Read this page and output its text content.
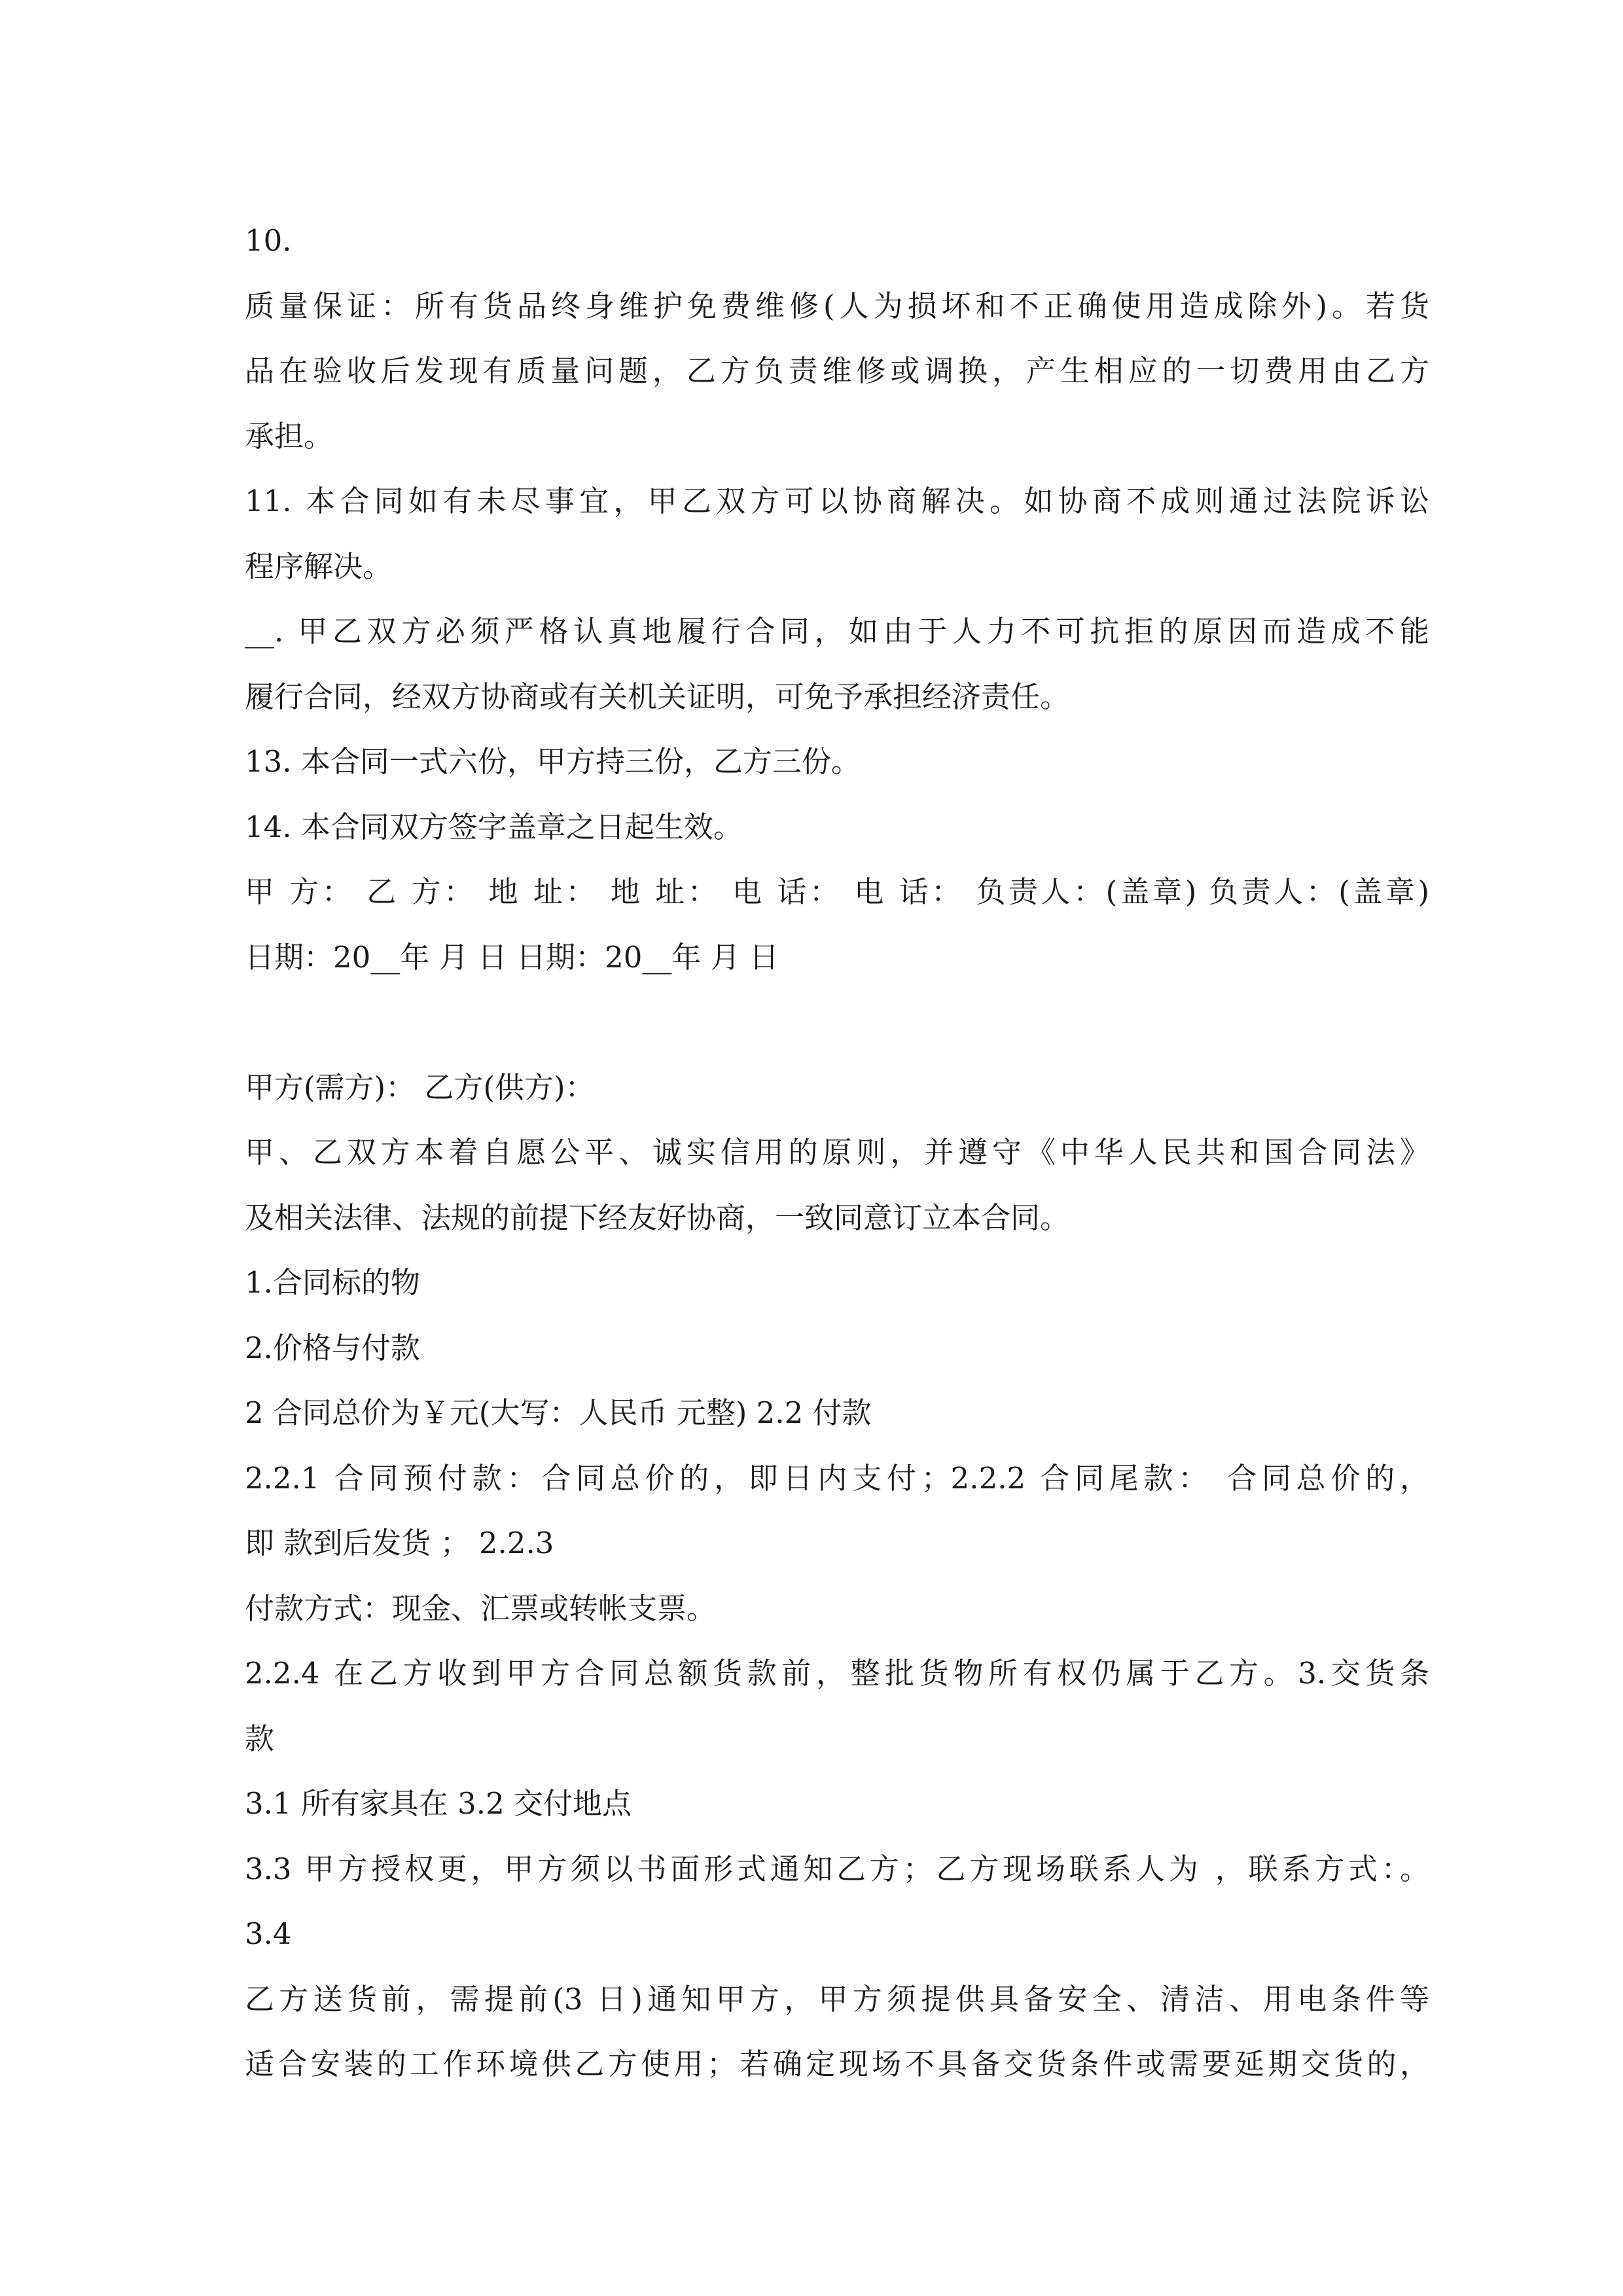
10.
质量保证：所有货品终身维护免费维修(人为损坏和不正确使用造成除外)。若货
品在验收后发现有质量问题，乙方负责维修或调换，产生相应的一切费用由乙方
承担。
11. 本合同如有未尽事宜，甲乙双方可以协商解决。如协商不成则通过法院诉讼
程序解决。
__. 甲乙双方必须严格认真地履行合同，如由于人力不可抗拒的原因而造成不能
履行合同，经双方协商或有关机关证明，可免予承担经济责任。
13. 本合同一式六份，甲方持三份，乙方三份。
14. 本合同双方签字盖章之日起生效。
甲 方： 乙 方： 地 址： 地 址： 电 话： 电 话： 负责人：(盖章) 负责人：(盖章)
日期：20__年 月 日 日期：20__年 月 日
甲方(需方)： 乙方(供方)：
甲、乙双方本着自愿公平、诚实信用的原则，并遵守《中华人民共和国合同法》
及相关法律、法规的前提下经友好协商，一致同意订立本合同。
1.合同标的物
2.价格与付款
2 合同总价为￥元(大写：人民币 元整) 2.2 付款
2.2.1 合同预付款：合同总价的，即日内支付；2.2.2 合同尾款： 合同总价的，
即 款到后发货 ； 2.2.3
付款方式：现金、汇票或转帐支票。
2.2.4 在乙方收到甲方合同总额货款前，整批货物所有权仍属于乙方。3.交货条
款
3.1 所有家具在 3.2 交付地点
3.3 甲方授权更，甲方须以书面形式通知乙方；乙方现场联系人为 ，联系方式：。
3.4
乙方送货前，需提前(3 日)通知甲方，甲方须提供具备安全、清洁、用电条件等
适合安装的工作环境供乙方使用；若确定现场不具备交货条件或需要延期交货的，
